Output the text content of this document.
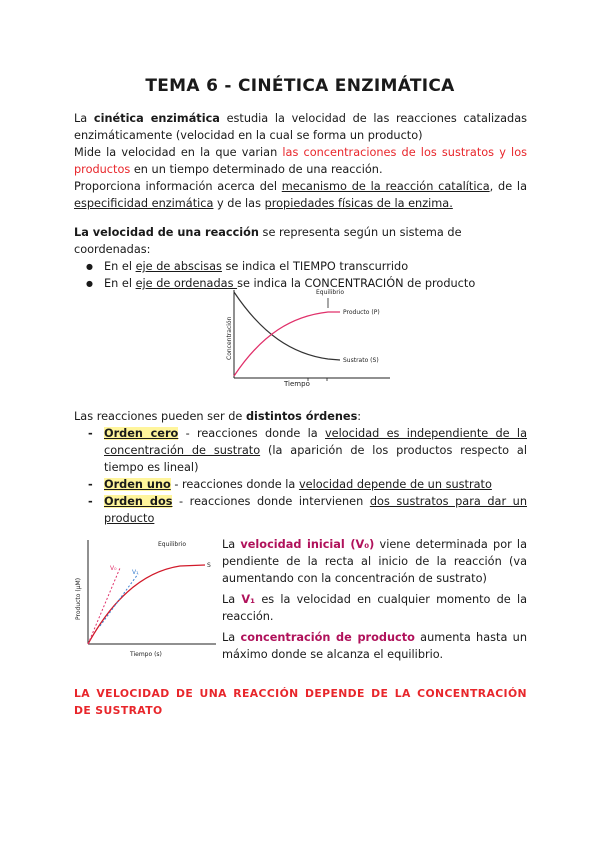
TEMA 6 - CINÉTICA ENZIMÁTICA

La cinética enzimática estudia la velocidad de las reacciones catalizadas enzimáticamente (velocidad en la cual se forma un producto)

Mide la velocidad en la que varian las concentraciones de los sustratos y los productos en un tiempo determinado de una reacción.

Proporciona información acerca del mecanismo de la reacción catalítica, de la especificidad enzimática y de las propiedades físicas de la enzima.

La velocidad de una reacción se representa según un sistema de coordenadas:

● En el eje de abscisas se indica el TIEMPO transcurrido

● En el eje de ordenadas se indica la CONCENTRACIÓN de producto

Equilibrio
Producto (P)
Sustrato (S)
Concentración
Tiempo

Las reacciones pueden ser de distintos órdenes:

- Orden cero - reacciones donde la velocidad es independiente de la concentración de sustrato (la aparición de los productos respecto al tiempo es lineal)

- Orden uno - reacciones donde la velocidad depende de un sustrato

- Orden dos - reacciones donde intervienen dos sustratos para dar un producto

Equilibrio
V₀
V₁
S
Producto (μM)
Tiempo (s)

La velocidad inicial (V₀) viene determinada por la pendiente de la recta al inicio de la reacción (va aumentando con la concentración de sustrato)

La V₁ es la velocidad en cualquier momento de la reacción.

La concentración de producto aumenta hasta un máximo donde se alcanza el equilibrio.

LA VELOCIDAD DE UNA REACCIÓN DEPENDE DE LA CONCENTRACIÓN DE SUSTRATO
